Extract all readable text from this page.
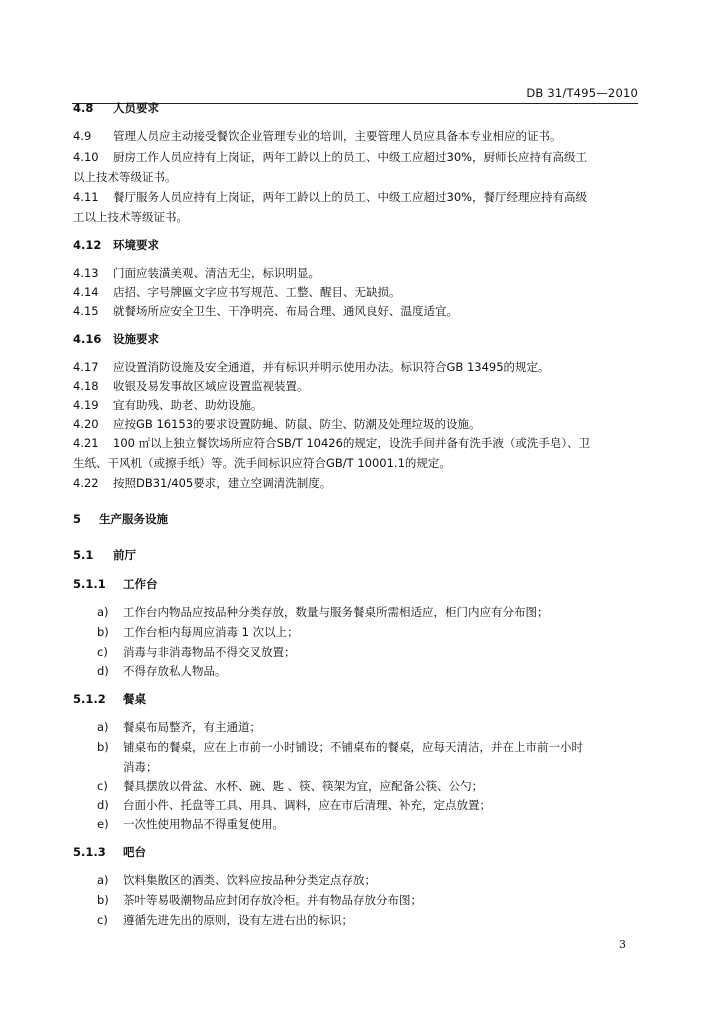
DB 31/T495—2010
4.8 人员要求
4.9 管理人员应主动接受餐饮企业管理专业的培训，主要管理人员应具备本专业相应的证书。
4.10 厨房工作人员应持有上岗证，两年工龄以上的员工、中级工应超过30%，厨师长应持有高级工
以上技术等级证书。
4.11 餐厅服务人员应持有上岗证，两年工龄以上的员工、中级工应超过30%，餐厅经理应持有高级
工以上技术等级证书。
4.12 环境要求
4.13 门面应装潢美观、清洁无尘，标识明显。
4.14 店招、字号牌匾文字应书写规范、工整、醒目、无缺损。
4.15 就餐场所应安全卫生、干净明亮、布局合理、通风良好、温度适宜。
4.16 设施要求
4.17 应设置消防设施及安全通道，并有标识并明示使用办法。标识符合GB 13495的规定。
4.18 收银及易发事故区域应设置监视装置。
4.19 宜有助残、助老、助幼设施。
4.20 应按GB 16153的要求设置防蝇、防鼠、防尘、防潮及处理垃圾的设施。
4.21 100 ㎡以上独立餐饮场所应符合SB/T 10426的规定，设洗手间并备有洗手液（或洗手皂）、卫
生纸、干风机（或擦手纸）等。洗手间标识应符合GB/T 10001.1的规定。
4.22 按照DB31/405要求，建立空调清洗制度。
5 生产服务设施
5.1 前厅
5.1.1 工作台
a) 工作台内物品应按品种分类存放，数量与服务餐桌所需相适应，柜门内应有分布图；
b) 工作台柜内每周应消毒 1 次以上；
c) 消毒与非消毒物品不得交叉放置；
d) 不得存放私人物品。
5.1.2 餐桌
a) 餐桌布局整齐，有主通道；
b) 铺桌布的餐桌，应在上市前一小时铺设；不铺桌布的餐桌，应每天清洁，并在上市前一小时
消毒；
c) 餐具摆放以骨盆、水杯、碗、匙 、筷、筷架为宜，应配备公筷、公勺；
d) 台面小件、托盘等工具、用具、调料，应在市后清理、补充，定点放置；
e) 一次性使用物品不得重复使用。
5.1.3 吧台
a) 饮料集散区的酒类、饮料应按品种分类定点存放；
b) 茶叶等易吸潮物品应封闭存放冷柜。并有物品存放分布图；
c) 遵循先进先出的原则，设有左进右出的标识；
3
